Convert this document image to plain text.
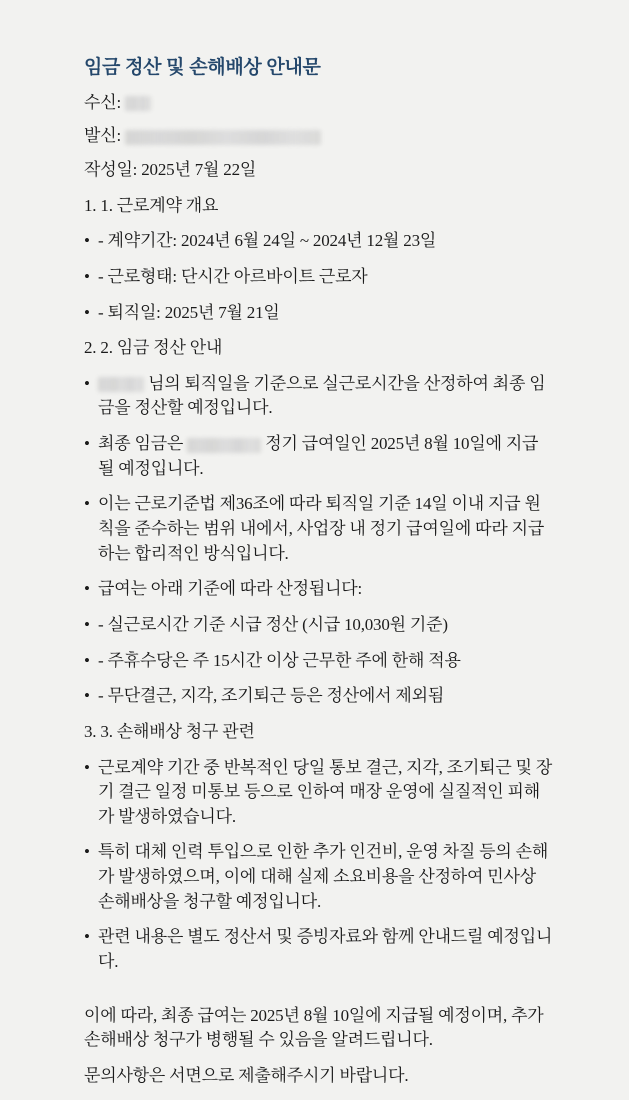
임금 정산 및 손해배상 안내문

수신:

발신:

작성일: 2025년 7월 22일

1. 1. 근로계약 개요

• - 계약기간: 2024년 6월 24일 ~ 2024년 12월 23일
• - 근로형태: 단시간 아르바이트 근로자
• - 퇴직일: 2025년 7월 21일

2. 2. 임금 정산 안내

•	님의 퇴직일을 기준으로 실근로시간을 산정하여 최종 임금을 정산할 예정입니다.
• 최종 임금은	정기 급여일인 2025년 8월 10일에 지급될 예정입니다.
• 이는 근로기준법 제36조에 따라 퇴직일 기준 14일 이내 지급 원칙을 준수하는 범위 내에서, 사업장 내 정기 급여일에 따라 지급하는 합리적인 방식입니다.
• 급여는 아래 기준에 따라 산정됩니다:
• - 실근로시간 기준 시급 정산 (시급 10,030원 기준)
• - 주휴수당은 주 15시간 이상 근무한 주에 한해 적용
• - 무단결근, 지각, 조기퇴근 등은 정산에서 제외됨

3. 3. 손해배상 청구 관련

• 근로계약 기간 중 반복적인 당일 통보 결근, 지각, 조기퇴근 및 장기 결근 일정 미통보 등으로 인하여 매장 운영에 실질적인 피해가 발생하였습니다.
• 특히 대체 인력 투입으로 인한 추가 인건비, 운영 차질 등의 손해가 발생하였으며, 이에 대해 실제 소요비용을 산정하여 민사상 손해배상을 청구할 예정입니다.
• 관련 내용은 별도 정산서 및 증빙자료와 함께 안내드릴 예정입니다.

이에 따라, 최종 급여는 2025년 8월 10일에 지급될 예정이며, 추가 손해배상 청구가 병행될 수 있음을 알려드립니다.

문의사항은 서면으로 제출해주시기 바랍니다.
